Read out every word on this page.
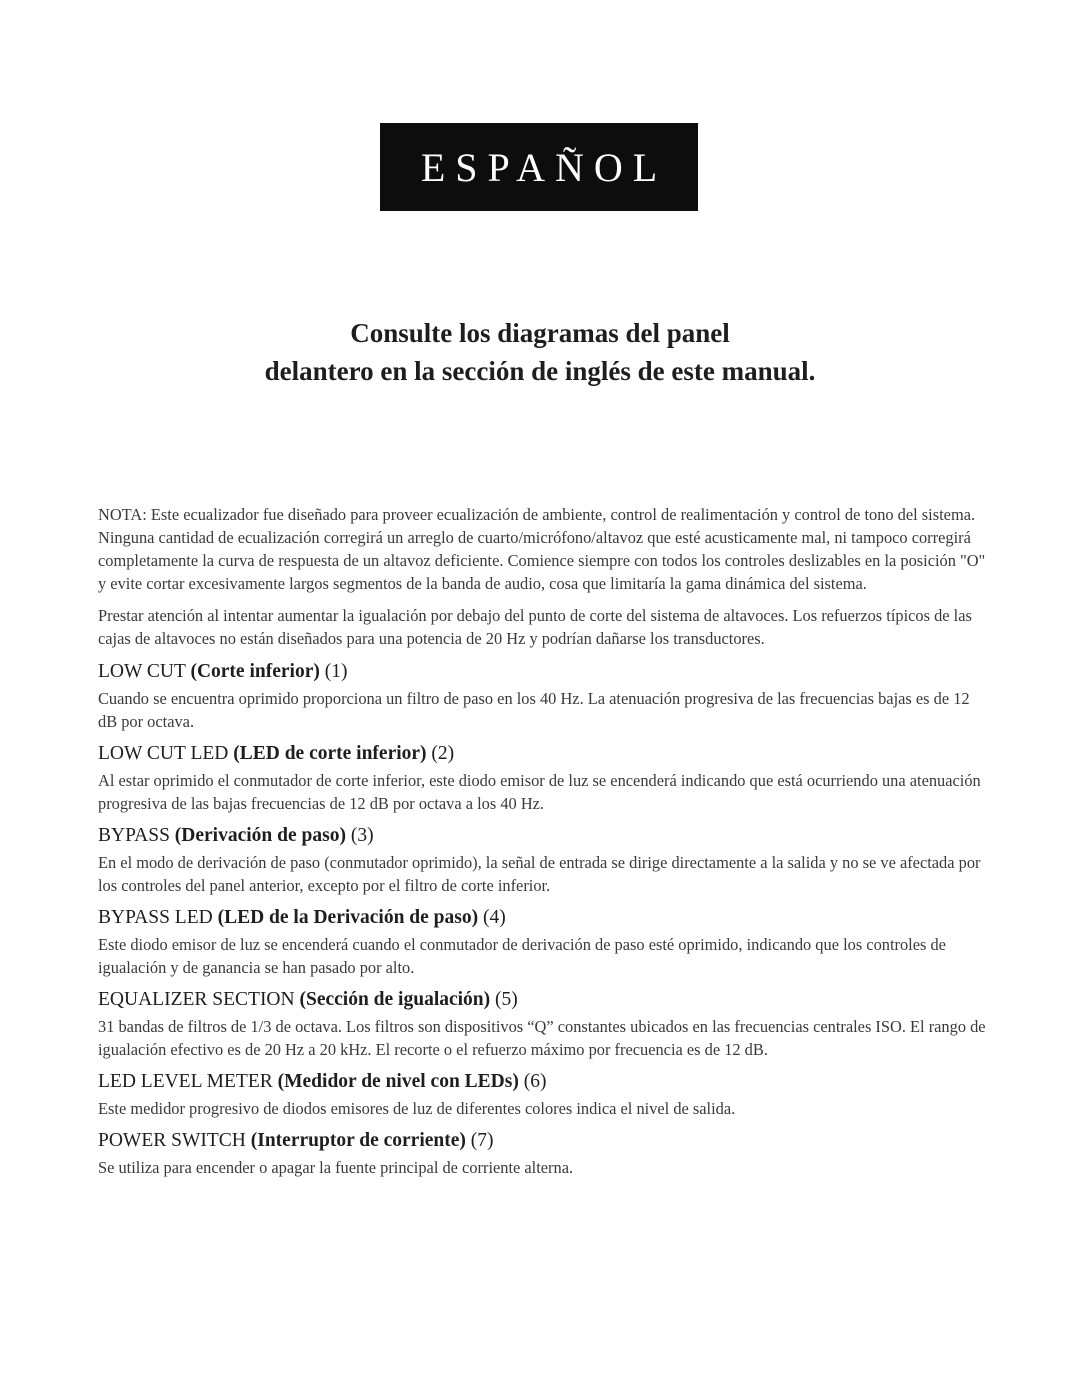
ESPAÑOL
Consulte los diagramas del panel
delantero en la sección de inglés de este manual.

NOTA: Este ecualizador fue diseñado para proveer ecualización de ambiente, control de realimentación y control de tono del sistema. Ninguna cantidad de ecualización corregirá un arreglo de cuarto/micrófono/altavoz que esté acusticamente mal, ni tampoco corregirá completamente la curva de respuesta de un altavoz deficiente. Comience siempre con todos los controles deslizables en la posición "O" y evite cortar excesivamente largos segmentos de la banda de audio, cosa que limitaría la gama dinámica del sistema.

Prestar atención al intentar aumentar la igualación por debajo del punto de corte del sistema de altavoces. Los refuerzos típicos de las cajas de altavoces no están diseñados para una potencia de 20 Hz y podrían dañarse los transductores.

LOW CUT (Corte inferior) (1)

Cuando se encuentra oprimido proporciona un filtro de paso en los 40 Hz. La atenuación progresiva de las frecuencias bajas es de 12 dB por octava.

LOW CUT LED (LED de corte inferior) (2)

Al estar oprimido el conmutador de corte inferior, este diodo emisor de luz se encenderá indicando que está ocurriendo una atenuación progresiva de las bajas frecuencias de 12 dB por octava a los 40 Hz.

BYPASS (Derivación de paso) (3)

En el modo de derivación de paso (conmutador oprimido), la señal de entrada se dirige directamente a la salida y no se ve afectada por los controles del panel anterior, excepto por el filtro de corte inferior.

BYPASS LED (LED de la Derivación de paso) (4)

Este diodo emisor de luz se encenderá cuando el conmutador de derivación de paso esté oprimido, indicando que los controles de igualación y de ganancia se han pasado por alto.

EQUALIZER SECTION (Sección de igualación) (5)

31 bandas de filtros de 1/3 de octava. Los filtros son dispositivos “Q” constantes ubicados en las frecuencias centrales ISO. El rango de igualación efectivo es de 20 Hz a 20 kHz. El recorte o el refuerzo máximo por frecuencia es de 12 dB.

LED LEVEL METER (Medidor de nivel con LEDs) (6)

Este medidor progresivo de diodos emisores de luz de diferentes colores indica el nivel de salida.

POWER SWITCH (Interruptor de corriente) (7)

Se utiliza para encender o apagar la fuente principal de corriente alterna.
